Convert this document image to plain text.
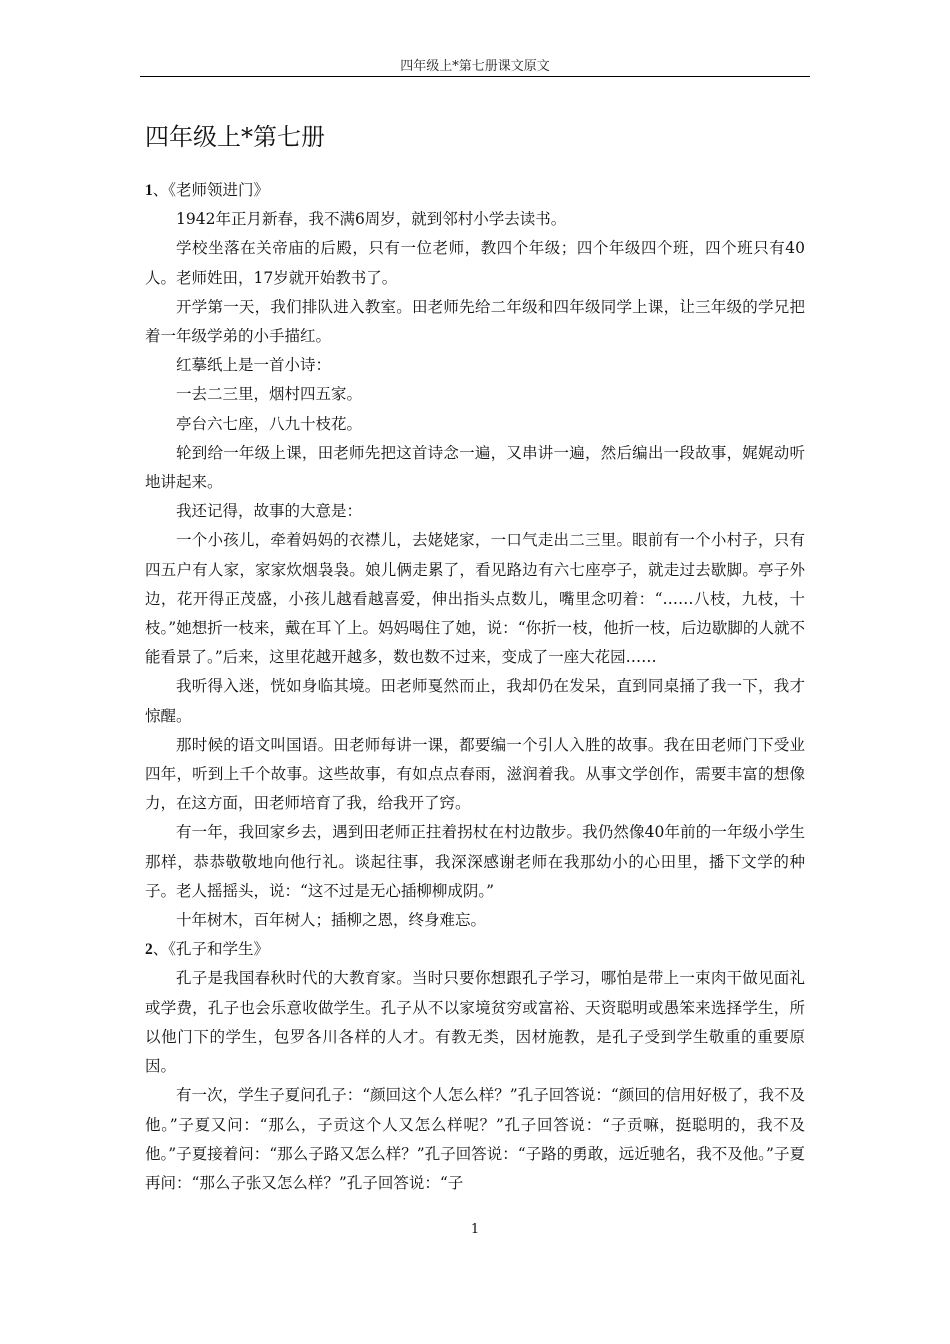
四年级上*第七册课文原文
四年级上*第七册

1、《老师领进门》

1942年正月新春，我不满6周岁，就到邻村小学去读书。

学校坐落在关帝庙的后殿，只有一位老师，教四个年级；四个年级四个班，四个班只有40人。老师姓田，17岁就开始教书了。

开学第一天，我们排队进入教室。田老师先给二年级和四年级同学上课，让三年级的学兄把着一年级学弟的小手描红。

红摹纸上是一首小诗：

一去二三里，烟村四五家。

亭台六七座，八九十枝花。

轮到给一年级上课，田老师先把这首诗念一遍，又串讲一遍，然后编出一段故事，娓娓动听地讲起来。

我还记得，故事的大意是：

一个小孩儿，牵着妈妈的衣襟儿，去姥姥家，一口气走出二三里。眼前有一个小村子，只有四五户有人家，家家炊烟袅袅。娘儿俩走累了，看见路边有六七座亭子，就走过去歇脚。亭子外边，花开得正茂盛，小孩儿越看越喜爱，伸出指头点数儿，嘴里念叨着：“……八枝，九枝，十枝。”她想折一枝来，戴在耳丫上。妈妈喝住了她，说：“你折一枝，他折一枝，后边歇脚的人就不能看景了。”后来，这里花越开越多，数也数不过来，变成了一座大花园……

我听得入迷，恍如身临其境。田老师戛然而止，我却仍在发呆，直到同桌捅了我一下，我才惊醒。

那时候的语文叫国语。田老师每讲一课，都要编一个引人入胜的故事。我在田老师门下受业四年，听到上千个故事。这些故事，有如点点春雨，滋润着我。从事文学创作，需要丰富的想像力，在这方面，田老师培育了我，给我开了窍。

有一年，我回家乡去，遇到田老师正拄着拐杖在村边散步。我仍然像40年前的一年级小学生那样，恭恭敬敬地向他行礼。谈起往事，我深深感谢老师在我那幼小的心田里，播下文学的种子。老人摇摇头，说：“这不过是无心插柳柳成阴。”

十年树木，百年树人；插柳之恩，终身难忘。

2、《孔子和学生》

孔子是我国春秋时代的大教育家。当时只要你想跟孔子学习，哪怕是带上一束肉干做见面礼或学费，孔子也会乐意收做学生。孔子从不以家境贫穷或富裕、天资聪明或愚笨来选择学生，所以他门下的学生，包罗各川各样的人才。有教无类，因材施教，是孔子受到学生敬重的重要原因。

有一次，学生子夏问孔子：“颜回这个人怎么样？”孔子回答说：“颜回的信用好极了，我不及他。”子夏又问：“那么，子贡这个人又怎么样呢？”孔子回答说：“子贡嘛，挺聪明的，我不及他。”子夏接着问：“那么子路又怎么样？”孔子回答说：“子路的勇敢，远近驰名，我不及他。”子夏再问：“那么子张又怎么样？”孔子回答说：“子

1
